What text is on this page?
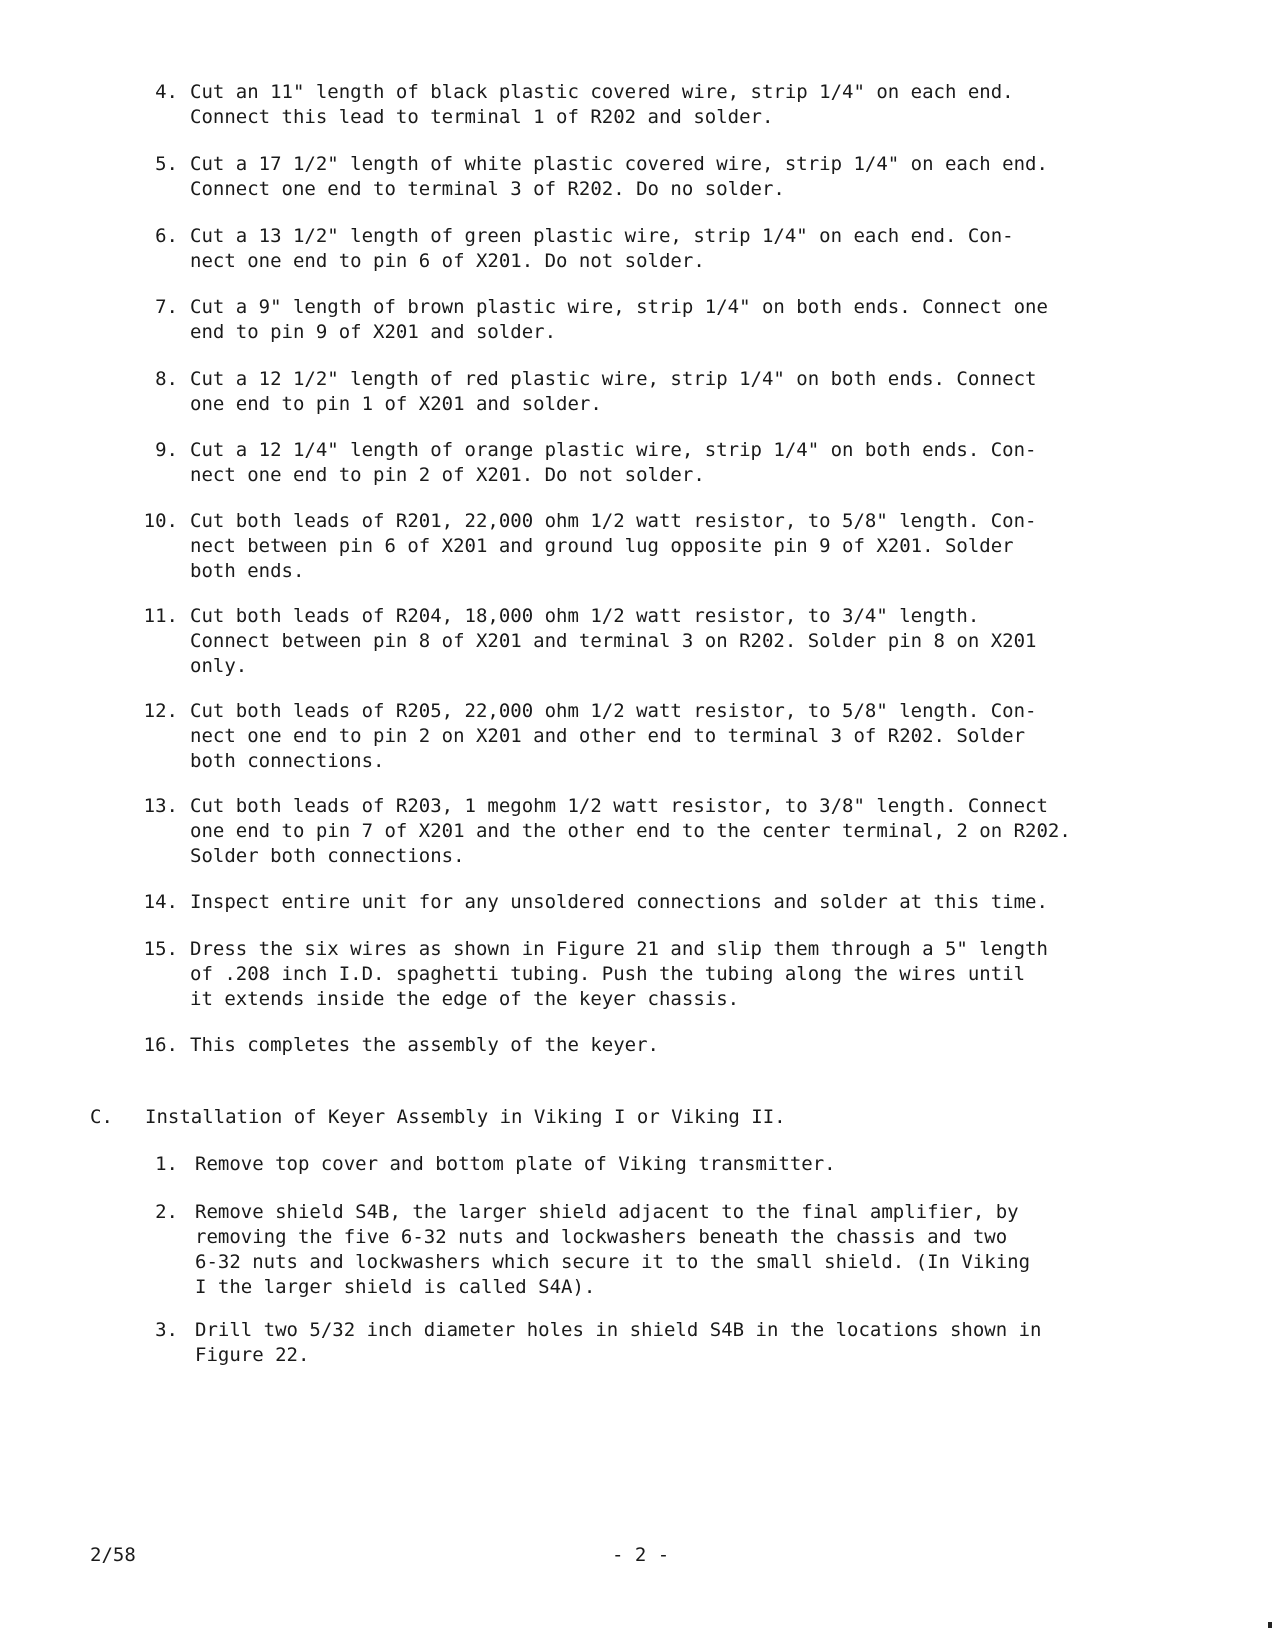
4. Cut an 11" length of black plastic covered wire, strip 1/4" on each end.
Connect this lead to terminal 1 of R202 and solder.
5. Cut a 17 1/2" length of white plastic covered wire, strip 1/4" on each end.
Connect one end to terminal 3 of R202. Do no solder.
6. Cut a 13 1/2" length of green plastic wire, strip 1/4" on each end. Con-
nect one end to pin 6 of X201. Do not solder.
7. Cut a 9" length of brown plastic wire, strip 1/4" on both ends. Connect one
end to pin 9 of X201 and solder.
8. Cut a 12 1/2" length of red plastic wire, strip 1/4" on both ends. Connect
one end to pin 1 of X201 and solder.
9. Cut a 12 1/4" length of orange plastic wire, strip 1/4" on both ends. Con-
nect one end to pin 2 of X201. Do not solder.
10. Cut both leads of R201, 22,000 ohm 1/2 watt resistor, to 5/8" length. Con-
nect between pin 6 of X201 and ground lug opposite pin 9 of X201. Solder
both ends.
11. Cut both leads of R204, 18,000 ohm 1/2 watt resistor, to 3/4" length.
Connect between pin 8 of X201 and terminal 3 on R202. Solder pin 8 on X201
only.
12. Cut both leads of R205, 22,000 ohm 1/2 watt resistor, to 5/8" length. Con-
nect one end to pin 2 on X201 and other end to terminal 3 of R202. Solder
both connections.
13. Cut both leads of R203, 1 megohm 1/2 watt resistor, to 3/8" length. Connect
one end to pin 7 of X201 and the other end to the center terminal, 2 on R202.
Solder both connections.
14. Inspect entire unit for any unsoldered connections and solder at this time.
15. Dress the six wires as shown in Figure 21 and slip them through a 5" length
of .208 inch I.D. spaghetti tubing. Push the tubing along the wires until
it extends inside the edge of the keyer chassis.
16. This completes the assembly of the keyer.
C. Installation of Keyer Assembly in Viking I or Viking II.
1. Remove top cover and bottom plate of Viking transmitter.
2. Remove shield S4B, the larger shield adjacent to the final amplifier, by
removing the five 6-32 nuts and lockwashers beneath the chassis and two
6-32 nuts and lockwashers which secure it to the small shield. (In Viking
I the larger shield is called S4A).
3. Drill two 5/32 inch diameter holes in shield S4B in the locations shown in
Figure 22.
2/58	- 2 -
